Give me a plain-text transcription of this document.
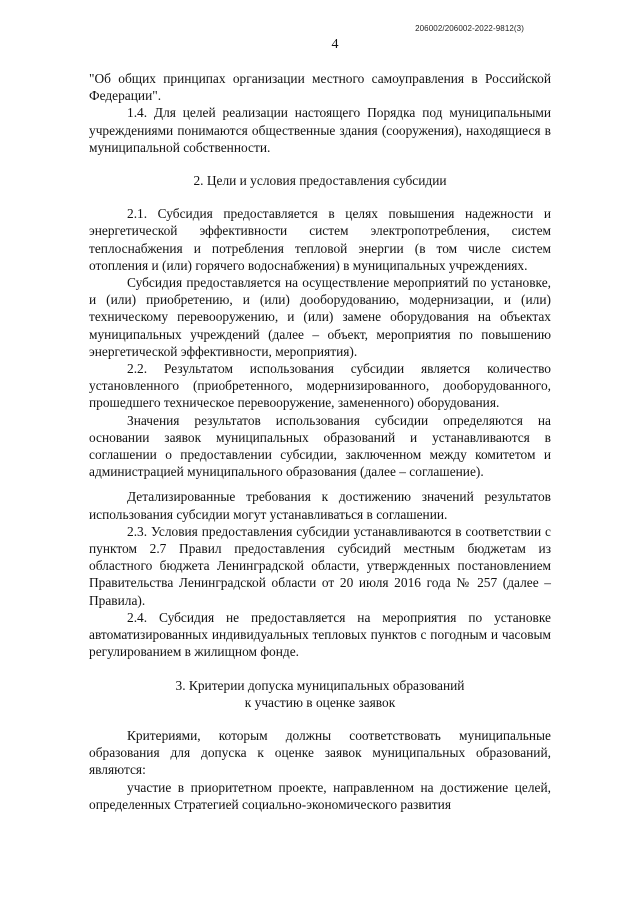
206002/206002-2022-9812(3)
4

"Об общих принципах организации местного самоуправления в Российской Федерации".

1.4. Для целей реализации настоящего Порядка под муниципальными учреждениями понимаются общественные здания (сооружения), находящиеся в муниципальной собственности.

2. Цели и условия предоставления субсидии

2.1. Субсидия предоставляется в целях повышения надежности и энергетической эффективности систем электропотребления, систем теплоснабжения и потребления тепловой энергии (в том числе систем отопления и (или) горячего водоснабжения) в муниципальных учреждениях.

Субсидия предоставляется на осуществление мероприятий по установке, и (или) приобретению, и (или) дооборудованию, модернизации, и (или) техническому перевооружению, и (или) замене оборудования на объектах муниципальных учреждений (далее – объект, мероприятия по повышению энергетической эффективности, мероприятия).

2.2. Результатом использования субсидии является количество установленного (приобретенного, модернизированного, дооборудованного, прошедшего техническое перевооружение, замененного) оборудования.

Значения результатов использования субсидии определяются на основании заявок муниципальных образований и устанавливаются в соглашении о предоставлении субсидии, заключенном между комитетом и администрацией муниципального образования (далее – соглашение).

Детализированные требования к достижению значений результатов использования субсидии могут устанавливаться в соглашении.

2.3. Условия предоставления субсидии устанавливаются в соответствии с пунктом 2.7 Правил предоставления субсидий местным бюджетам из областного бюджета Ленинградской области, утвержденных постановлением Правительства Ленинградской области от 20 июля 2016 года № 257 (далее – Правила).

2.4. Субсидия не предоставляется на мероприятия по установке автоматизированных индивидуальных тепловых пунктов с погодным и часовым регулированием в жилищном фонде.

3. Критерии допуска муниципальных образований
к участию в оценке заявок

Критериями, которым должны соответствовать муниципальные образования для допуска к оценке заявок муниципальных образований, являются:

участие в приоритетном проекте, направленном на достижение целей, определенных Стратегией социально-экономического развития
